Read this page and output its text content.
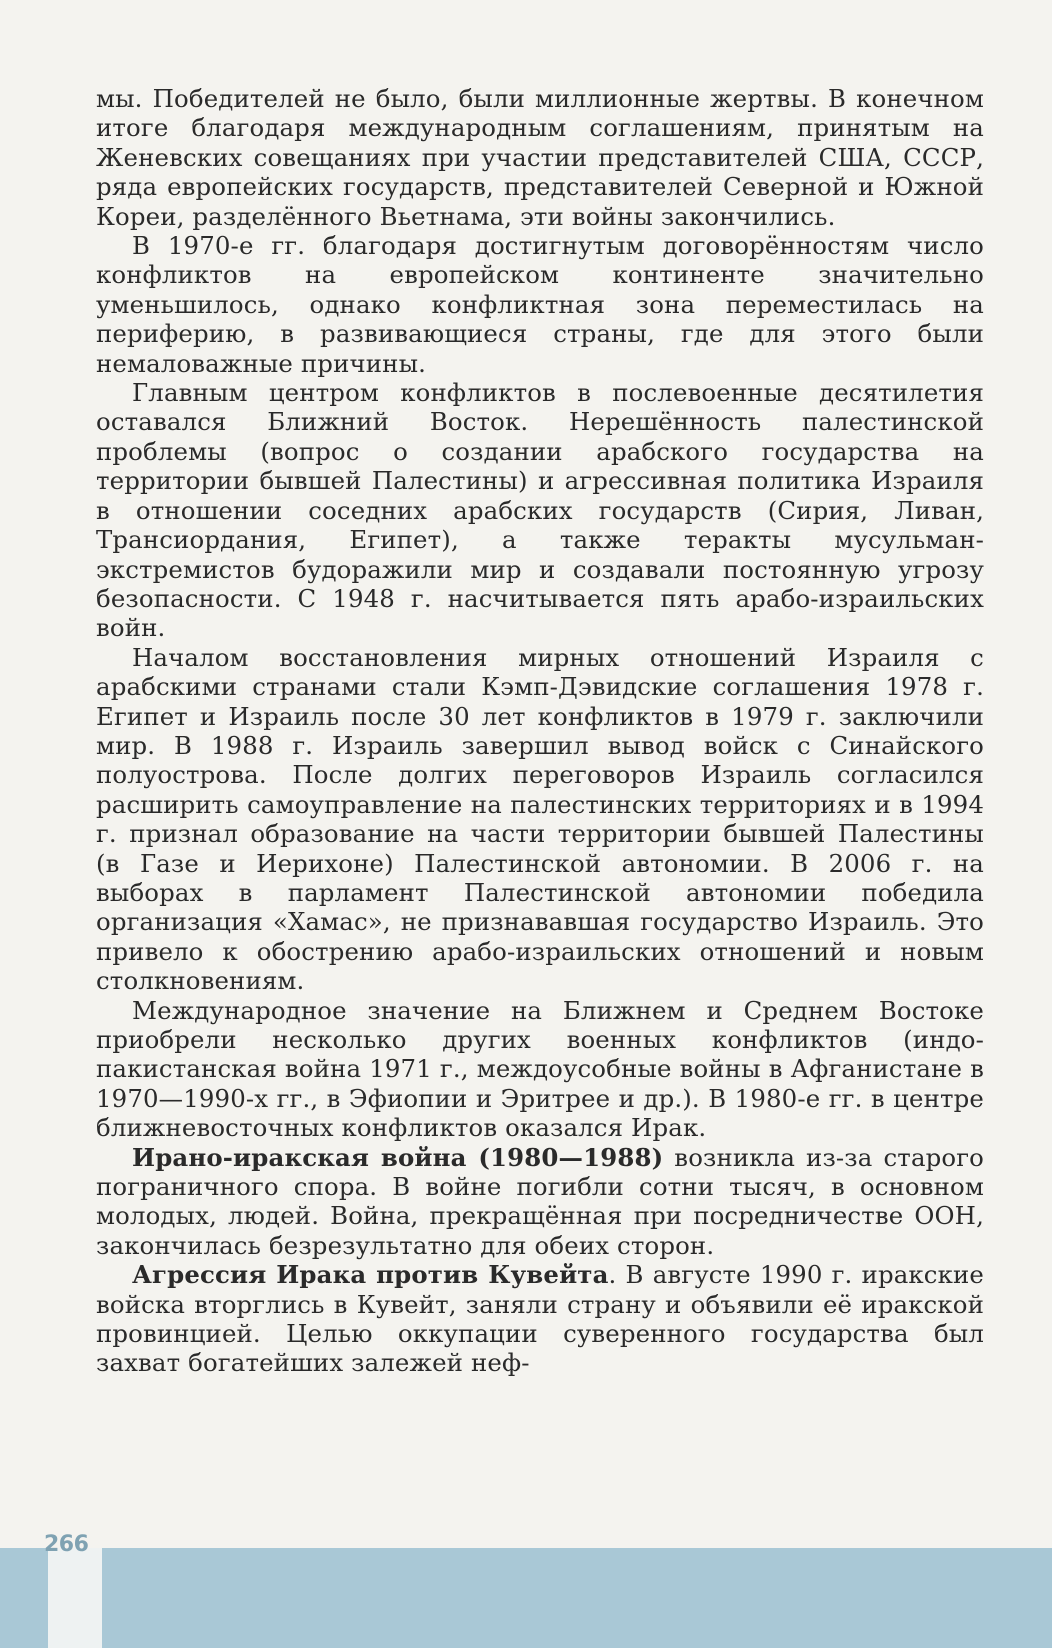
мы. Победителей не было, были миллионные жертвы. В конечном итоге благодаря международным соглашениям, принятым на Женевских совещаниях при участии представителей США, СССР, ряда европейских государств, представителей Северной и Южной Кореи, разделённого Вьетнама, эти войны закончились.

В 1970-е гг. благодаря достигнутым договорённостям число конфликтов на европейском континенте значительно уменьшилось, однако конфликтная зона переместилась на периферию, в развивающиеся страны, где для этого были немаловажные причины.

Главным центром конфликтов в послевоенные десятилетия оставался Ближний Восток. Нерешённость палестинской проблемы (вопрос о создании арабского государства на территории бывшей Палестины) и агрессивная политика Израиля в отношении соседних арабских государств (Сирия, Ливан, Трансиордания, Египет), а также теракты мусульман-экстремистов будоражили мир и создавали постоянную угрозу безопасности. С 1948 г. насчитывается пять арабо-израильских войн.

Началом восстановления мирных отношений Израиля с арабскими странами стали Кэмп-Дэвидские соглашения 1978 г. Египет и Израиль после 30 лет конфликтов в 1979 г. заключили мир. В 1988 г. Израиль завершил вывод войск с Синайского полуострова. После долгих переговоров Израиль согласился расширить самоуправление на палестинских территориях и в 1994 г. признал образование на части территории бывшей Палестины (в Газе и Иерихоне) Палестинской автономии. В 2006 г. на выборах в парламент Палестинской автономии победила организация «Хамас», не признававшая государство Израиль. Это привело к обострению арабо-израильских отношений и новым столкновениям.

Международное значение на Ближнем и Среднем Востоке приобрели несколько других военных конфликтов (индо-пакистанская война 1971 г., междоусобные войны в Афганистане в 1970—1990-х гг., в Эфиопии и Эритрее и др.). В 1980-е гг. в центре ближневосточных конфликтов оказался Ирак.

Ирано-иракская война (1980—1988) возникла из-за старого пограничного спора. В войне погибли сотни тысяч, в основном молодых, людей. Война, прекращённая при посредничестве ООН, закончилась безрезультатно для обеих сторон.

Агрессия Ирака против Кувейта. В августе 1990 г. иракские войска вторглись в Кувейт, заняли страну и объявили её иракской провинцией. Целью оккупации суверенного государства был захват богатейших залежей неф-

266
